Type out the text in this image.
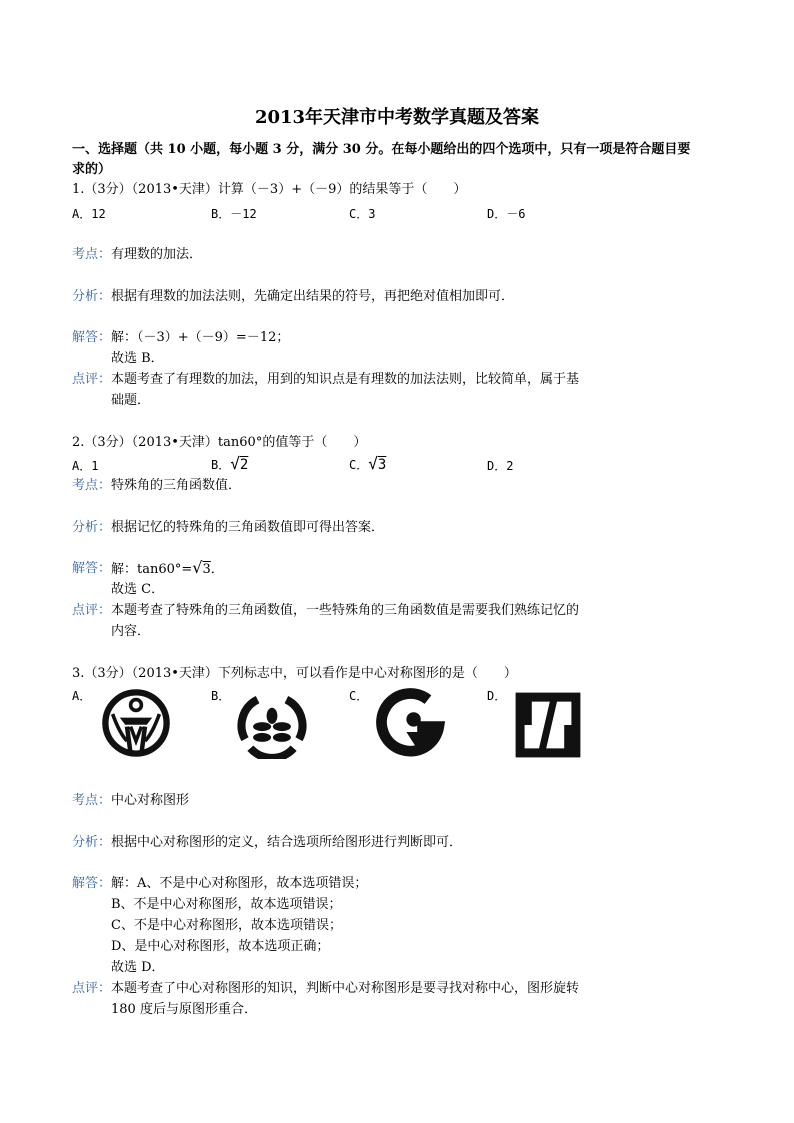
2013年天津市中考数学真题及答案
一、选择题（共 10 小题，每小题 3 分，满分 30 分。在每小题给出的四个选项中，只有一项是符合题目要
求的）
1.（3分）（2013•天津）计算（－3）+（－9）的结果等于（　　）
A．12	B．－12	C．3	D．－6
考点： 有理数的加法．
分析： 根据有理数的加法法则，先确定出结果的符号，再把绝对值相加即可．
解答： 解：（－3）+（－9）=－12；
故选 B．
点评： 本题考查了有理数的加法，用到的知识点是有理数的加法法则，比较简单，属于基
础题．
2.（3分）（2013•天津）tan60°的值等于（　　）
A．1	B．√2	C．√3	D．2
考点： 特殊角的三角函数值．
分析： 根据记忆的特殊角的三角函数值即可得出答案．
解答： 解：tan60°=√3．
故选 C．
点评： 本题考查了特殊角的三角函数值，一些特殊角的三角函数值是需要我们熟练记忆的
内容．
3.（3分）（2013•天津）下列标志中，可以看作是中心对称图形的是（　　）
A．	B．	C．	D．
考点： 中心对称图形
分析： 根据中心对称图形的定义，结合选项所给图形进行判断即可．
解答： 解：A、不是中心对称图形，故本选项错误；
B、不是中心对称图形，故本选项错误；
C、不是中心对称图形，故本选项错误；
D、是中心对称图形，故本选项正确；
故选 D．
点评： 本题考查了中心对称图形的知识，判断中心对称图形是要寻找对称中心，图形旋转
180 度后与原图形重合．
